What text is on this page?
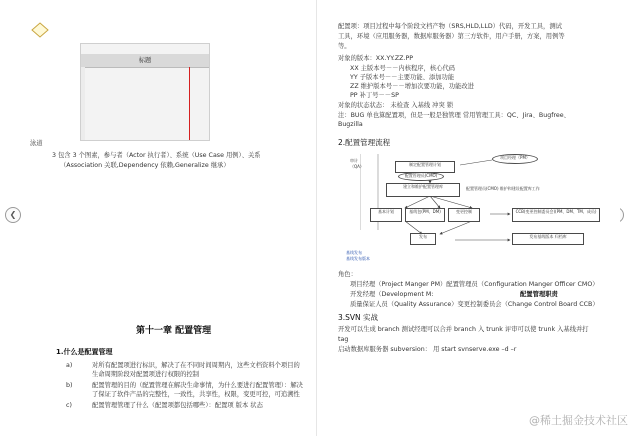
❮
标题
泳道
3 包含 3 个图素，参与者（Actor 执行者）、系统（Use Case 用例）、关系
（Association 关联,Dependency 依赖,Generalize 继承）
第十一章 配置管理
1.什么是配置管理
a)	对所有配置项进行标识，解决了在不同时间周期内，这些文档资料个项目的
生命周期阶段对配置项进行权限的控制
b)	配置管理的目的（配置管理在解决生命事情，为什么要进行配置管理）：解决
了保证了软件产品的完整性，一致性，共享性，权限，变更可控，可追溯性
c)	配置管理管理了什么（配置项都包括哪些）：配置项 版本 状态
配置项：项目过程中每个阶段文档产物（SRS,HLD,LLD）代码，开发工具，测试
工具，环境（应用服务器，数据库服务器）第三方软件，用户手册，方案，用例等
等。
对象的版本：XX.YY.ZZ.PP
XX 主版本号－－内核程序，核心代码
YY 子版本号－－主要功能、添加功能
ZZ 维护版本号－－增加次要功能，功能改进
PP 补丁号－－SP
对象的状态状态： 未检查 入基线 冲突 锁
注：BUG 单也算配置项，但是一般是独管理 常用管理工具：QC、Jira、Bugfree、
Bugzilla
2.配置管理流程
审计（QA）	制定配置管理计划
项目经理（PM）
配置管理员(CMO)
建立和维护配置管理库	配置管理员(CMO) 维护和建设配置库工作
基本计划	基线包(PM、DM)	变更控制	CCB(变更控制委员会)(PM、DM、TM、成员)
发布	发布基线版本 归档库
基线发布
基线发布版本
角色：
项目经理（Project Manger PM）配置管理员（Configuration Manger Officer CMO）
开发经理（Development M:	配置管理职责
质量保证人员（Quality Assurance）变更控制委员会（Change Control Board CCB）
3.SVN 实战
开发可以生成 branch 测试经理可以合并 branch 入 trunk 评审可以使 trunk 入基线并打
tag
启动数据库服务器 subversion： 用 start svnserve.exe –d –r
@稀土掘金技术社区
